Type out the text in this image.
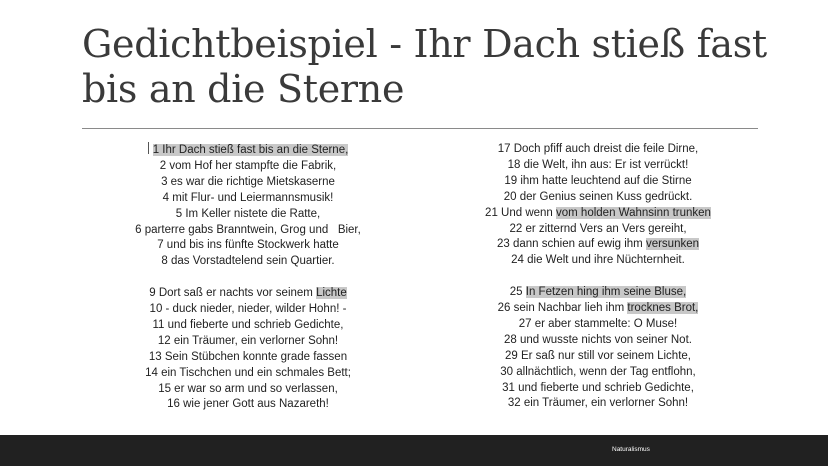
Gedichtbeispiel - Ihr Dach stieß fast bis an die Sterne
1 Ihr Dach stieß fast bis an die Sterne,
2 vom Hof her stampfte die Fabrik,
3 es war die richtige Mietskaserne
4 mit Flur- und Leiermannsmusik!
5 Im Keller nistete die Ratte,
6 parterre gabs Branntwein, Grog und   Bier,
7 und bis ins fünfte Stockwerk hatte
8 das Vorstadtelend sein Quartier.
9 Dort saß er nachts vor seinem Lichte
10 - duck nieder, nieder, wilder Hohn! -
11 und fieberte und schrieb Gedichte,
12 ein Träumer, ein verlorner Sohn!
13 Sein Stübchen konnte grade fassen
14 ein Tischchen und ein schmales Bett;
15 er war so arm und so verlassen,
16 wie jener Gott aus Nazareth!
17 Doch pfiff auch dreist die feile Dirne,
18 die Welt, ihn aus: Er ist verrückt!
19 ihm hatte leuchtend auf die Stirne
20 der Genius seinen Kuss gedrückt.
21 Und wenn vom holden Wahnsinn trunken
22 er zitternd Vers an Vers gereiht,
23 dann schien auf ewig ihm versunken
24 die Welt und ihre Nüchternheit.
25 In Fetzen hing ihm seine Bluse,
26 sein Nachbar lieh ihm trocknes Brot,
27 er aber stammelte: O Muse!
28 und wusste nichts von seiner Not.
29 Er saß nur still vor seinem Lichte,
30 allnächtlich, wenn der Tag entflohn,
31 und fieberte und schrieb Gedichte,
32 ein Träumer, ein verlorner Sohn!
Naturalismus
